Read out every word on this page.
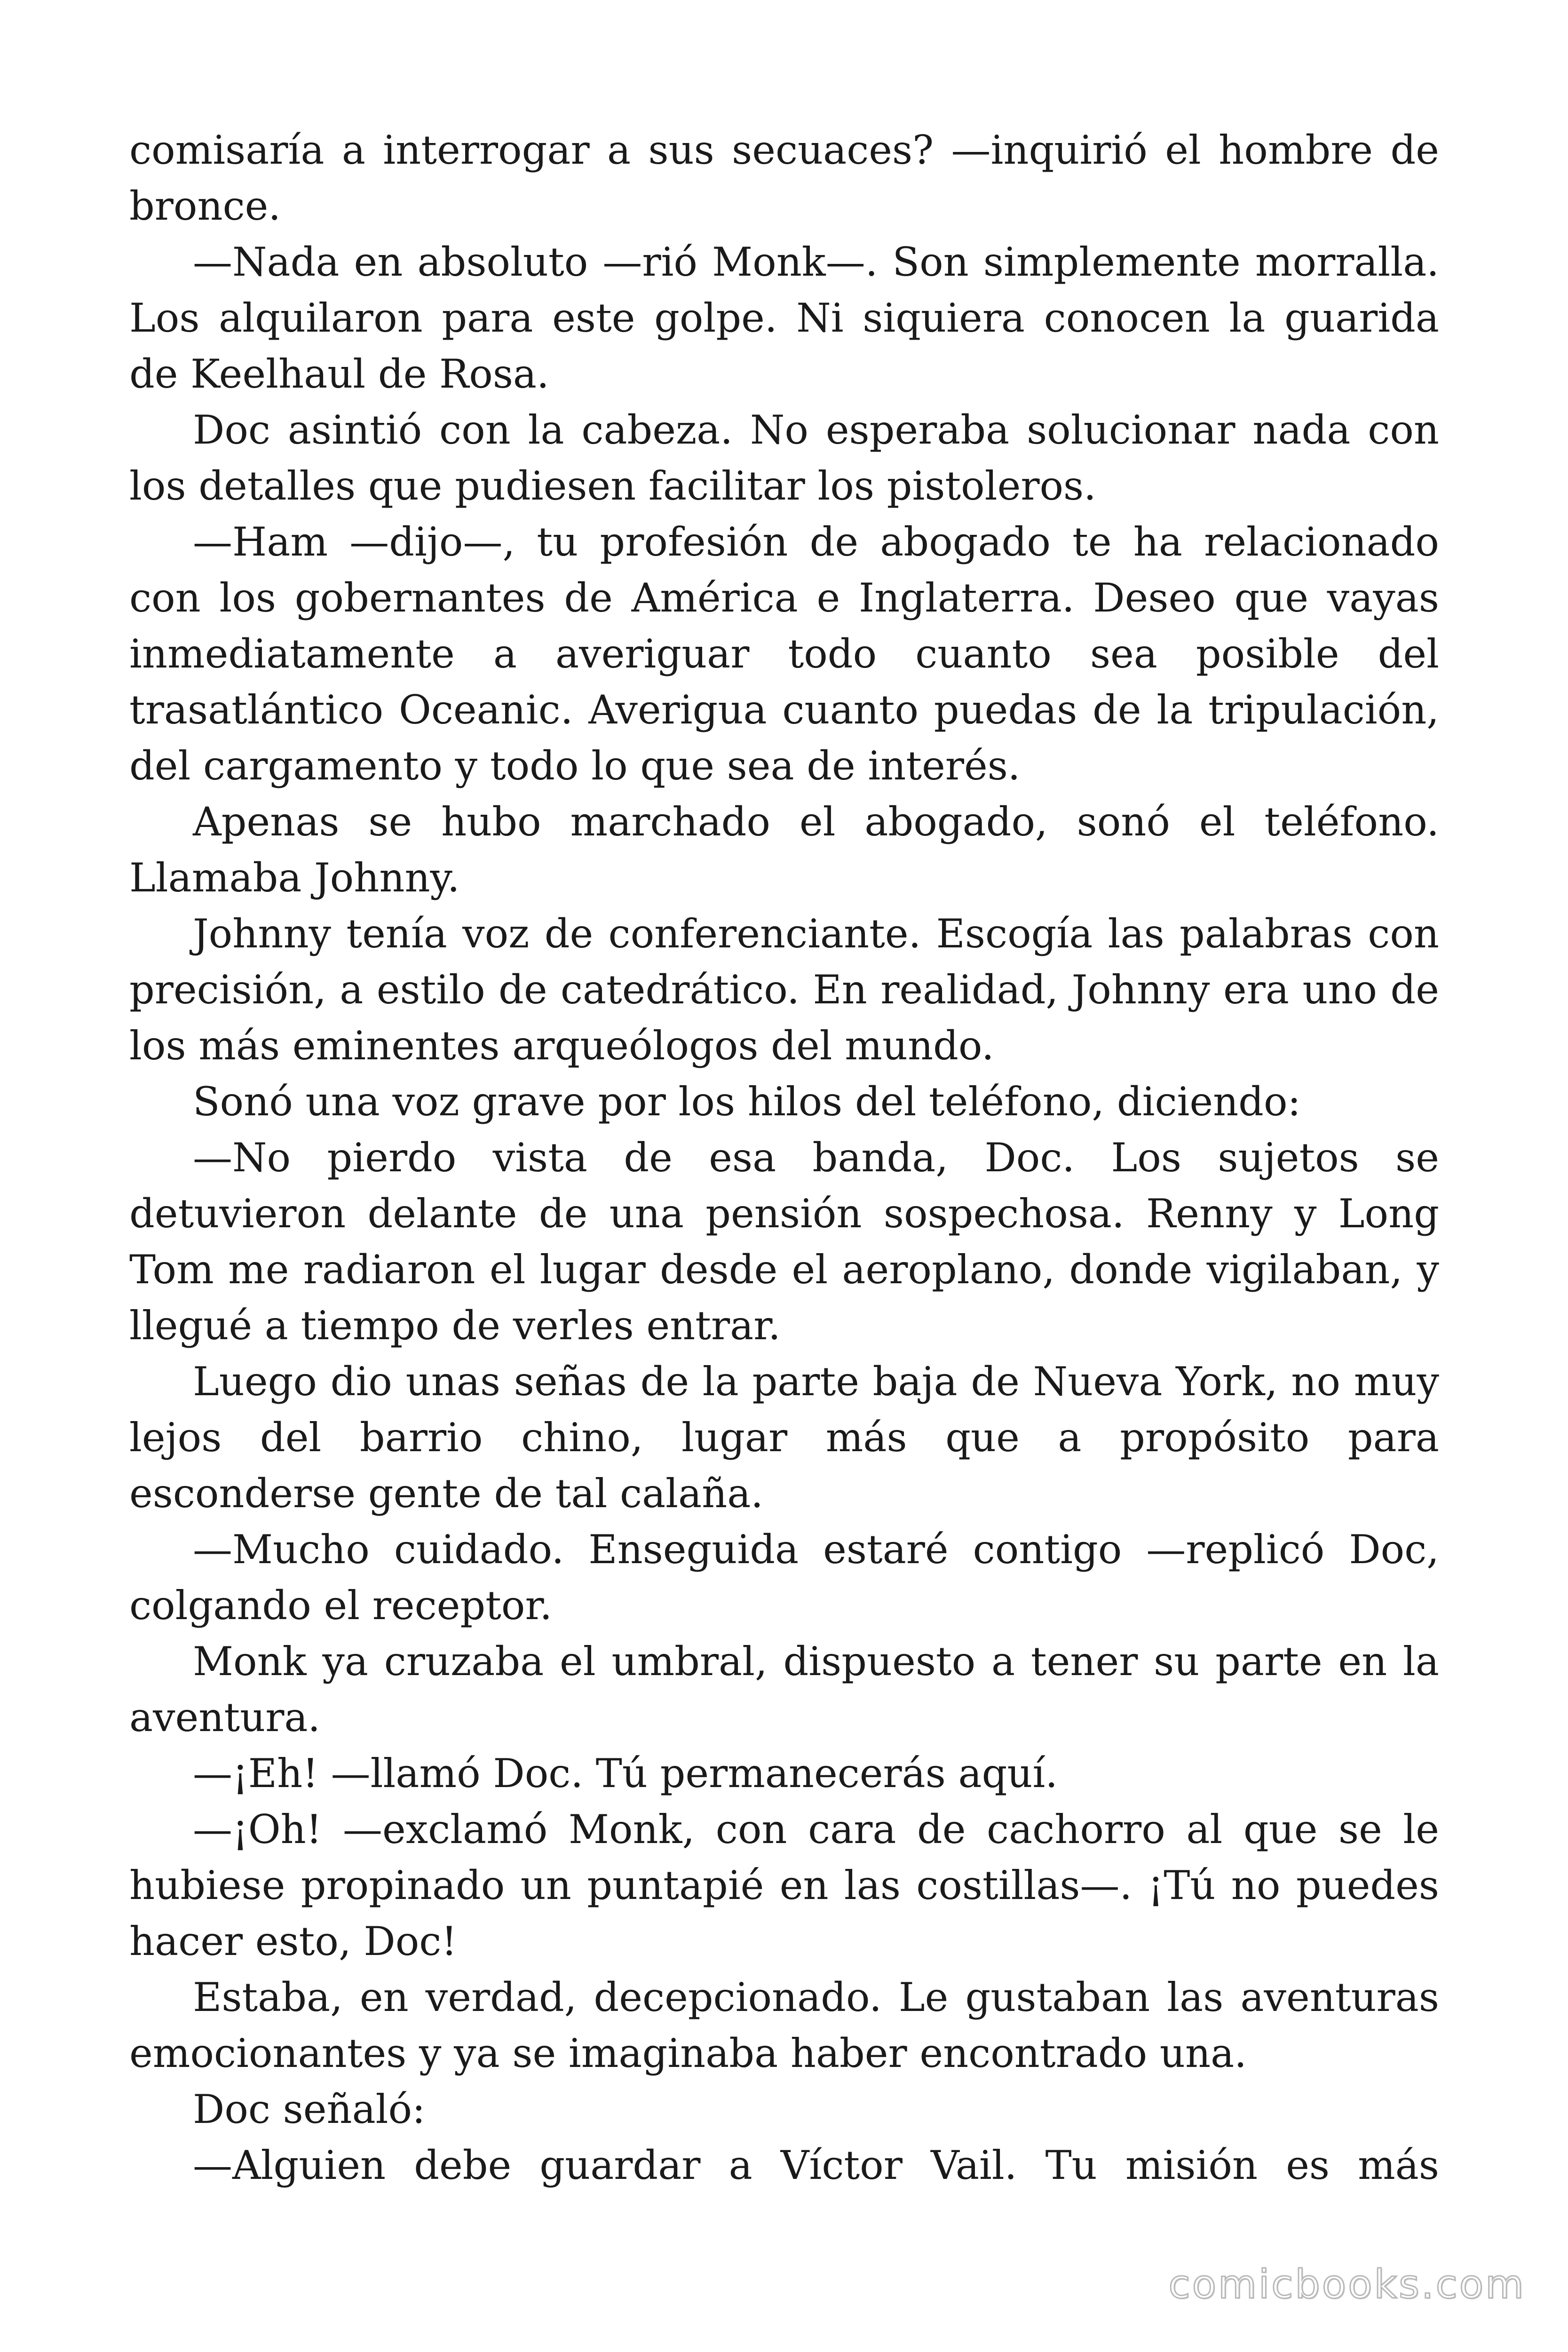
comisaría a interrogar a sus secuaces? —inquirió el hombre de bronce.

—Nada en absoluto —rió Monk—. Son simplemente morralla. Los alquilaron para este golpe. Ni siquiera conocen la guarida de Keelhaul de Rosa.

Doc asintió con la cabeza. No esperaba solucionar nada con los detalles que pudiesen facilitar los pistoleros.

—Ham —dijo—, tu profesión de abogado te ha relacionado con los gobernantes de América e Inglaterra. Deseo que vayas inmediatamente a averiguar todo cuanto sea posible del trasatlántico Oceanic. Averigua cuanto puedas de la tripulación, del cargamento y todo lo que sea de interés.

Apenas se hubo marchado el abogado, sonó el teléfono. Llamaba Johnny.

Johnny tenía voz de conferenciante. Escogía las palabras con precisión, a estilo de catedrático. En realidad, Johnny era uno de los más eminentes arqueólogos del mundo.

Sonó una voz grave por los hilos del teléfono, diciendo:

—No pierdo vista de esa banda, Doc. Los sujetos se detuvieron delante de una pensión sospechosa. Renny y Long Tom me radiaron el lugar desde el aeroplano, donde vigilaban, y llegué a tiempo de verles entrar.

Luego dio unas señas de la parte baja de Nueva York, no muy lejos del barrio chino, lugar más que a propósito para esconderse gente de tal calaña.

—Mucho cuidado. Enseguida estaré contigo —replicó Doc, colgando el receptor.

Monk ya cruzaba el umbral, dispuesto a tener su parte en la aventura.

—¡Eh! —llamó Doc. Tú permanecerás aquí.

—¡Oh! —exclamó Monk, con cara de cachorro al que se le hubiese propinado un puntapié en las costillas—. ¡Tú no puedes hacer esto, Doc!

Estaba, en verdad, decepcionado. Le gustaban las aventuras emocionantes y ya se imaginaba haber encontrado una.

Doc señaló:

—Alguien debe guardar a Víctor Vail. Tu misión es más

comicbooks.com
